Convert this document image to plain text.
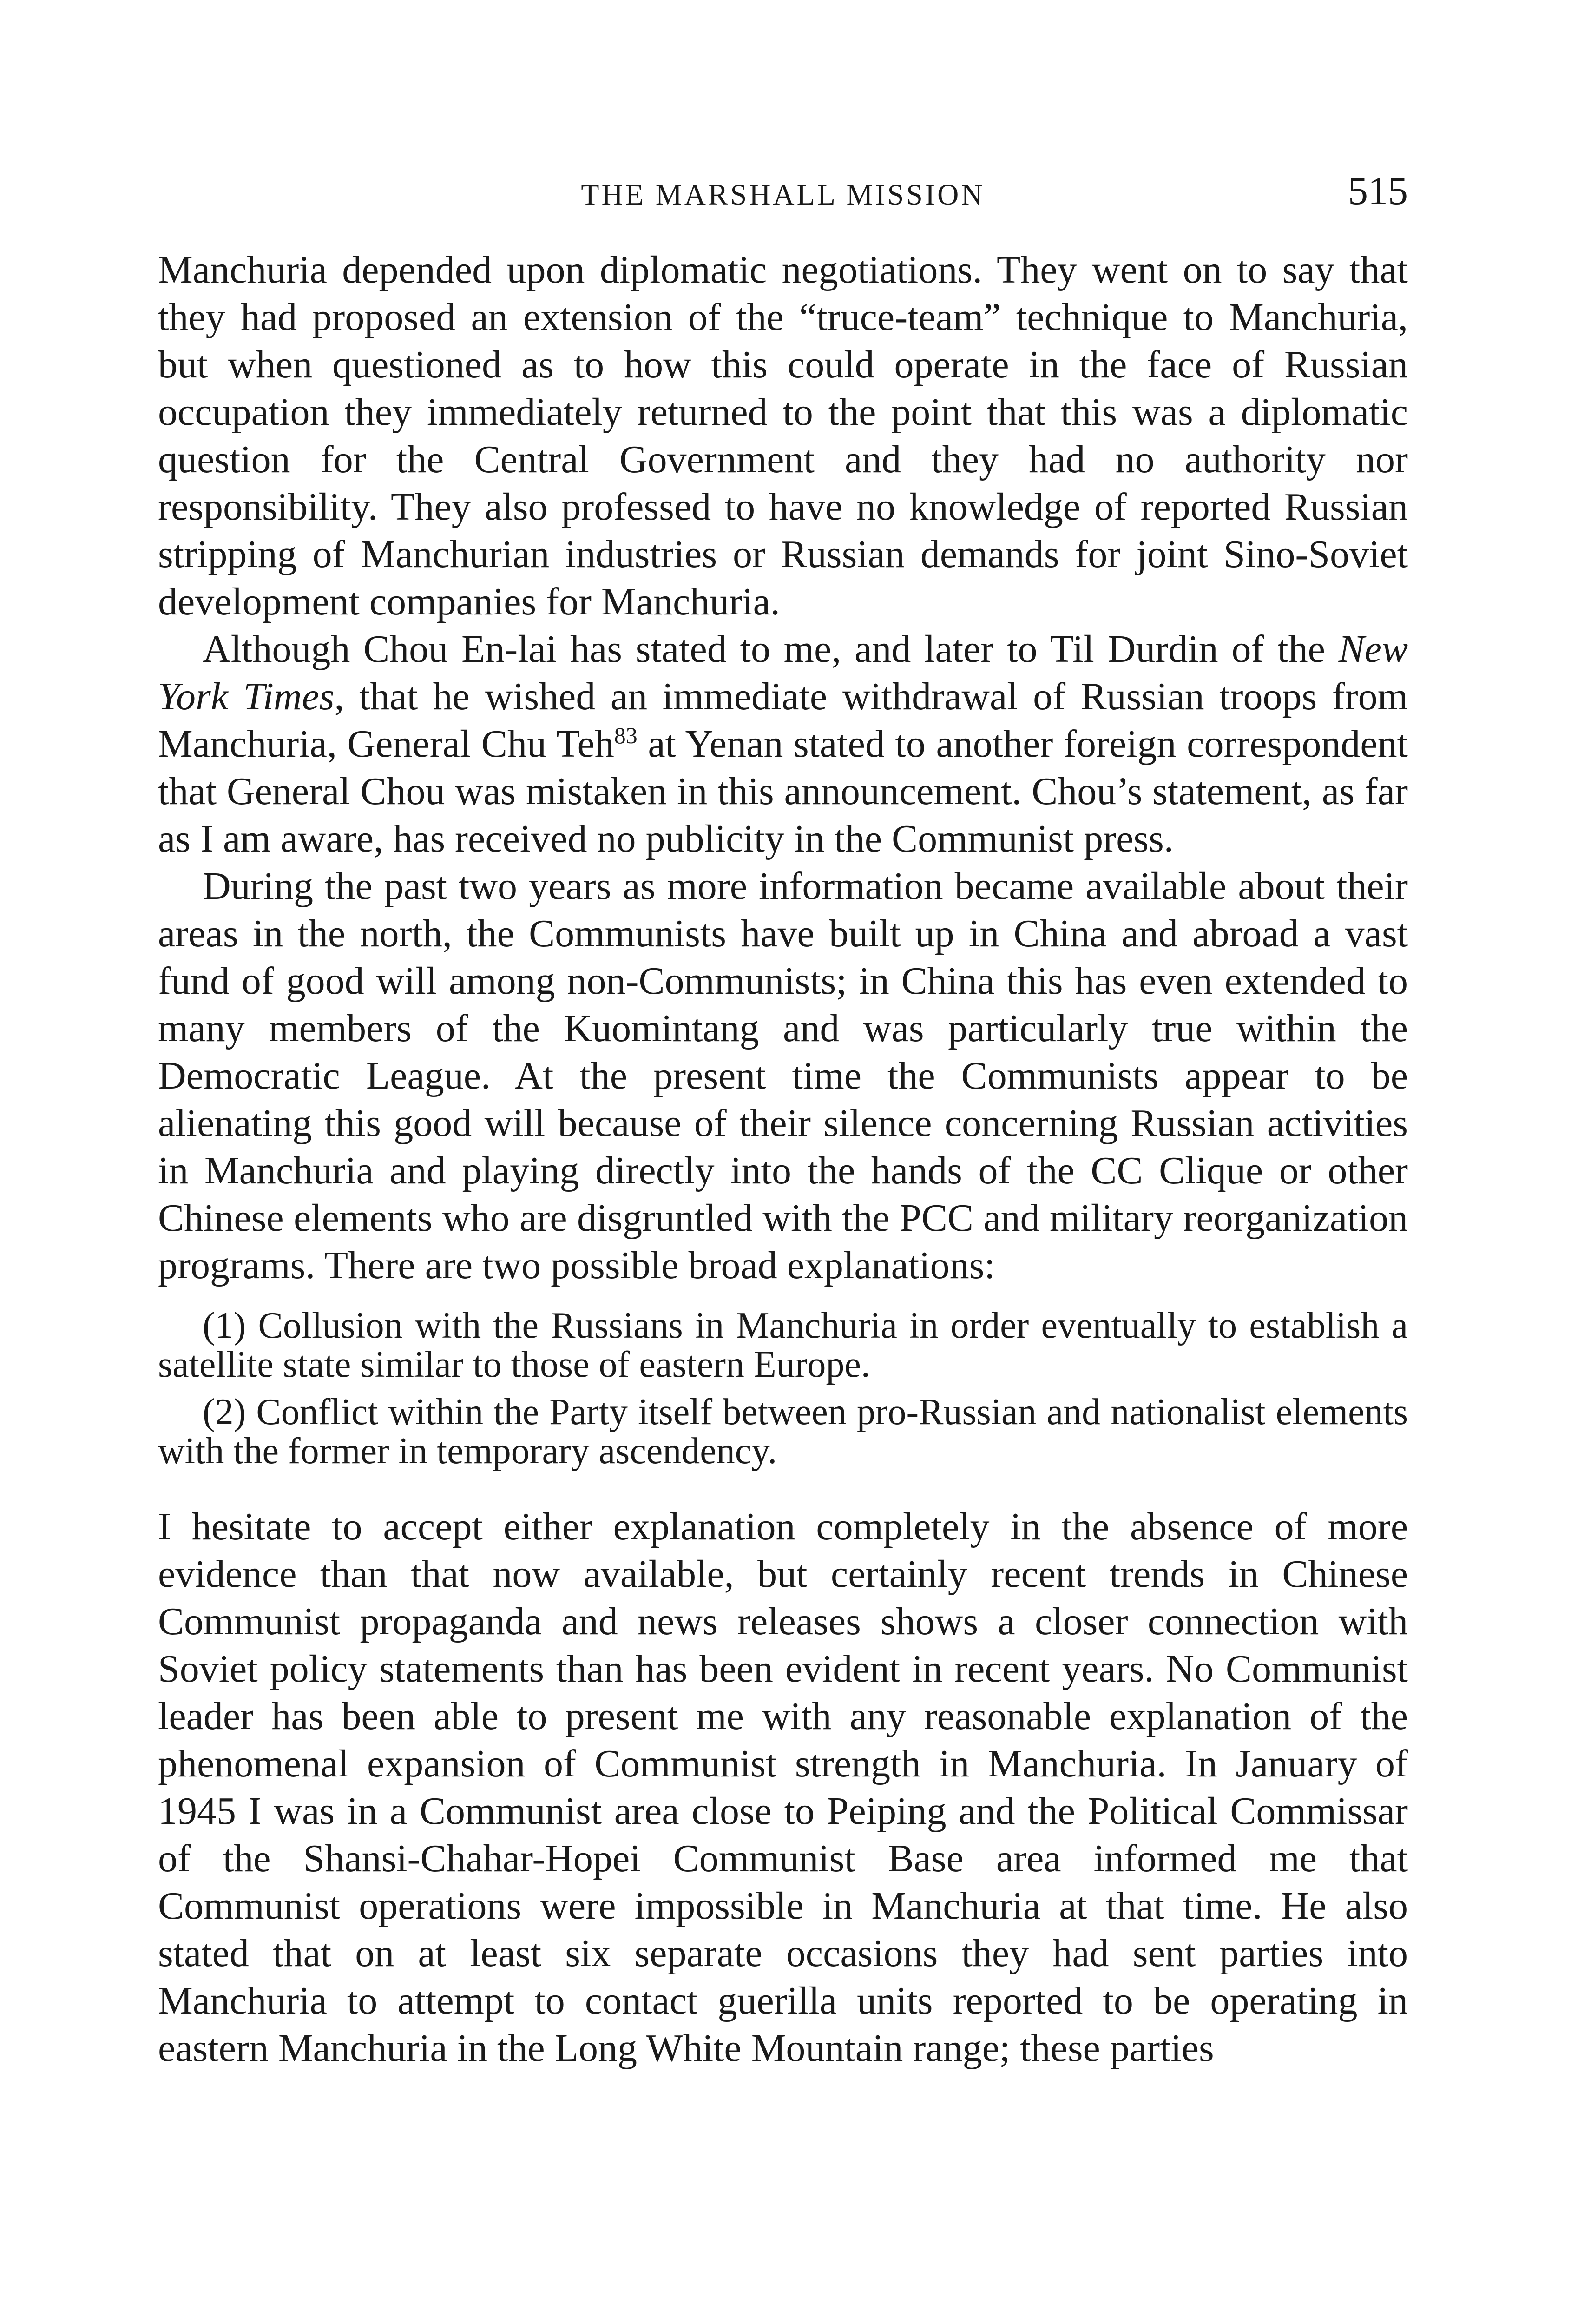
THE MARSHALL MISSION	515

Manchuria depended upon diplomatic negotiations. They went on to say that they had proposed an extension of the “truce-team” technique to Manchuria, but when questioned as to how this could operate in the face of Russian occupation they immediately returned to the point that this was a diplomatic question for the Central Government and they had no authority nor responsibility. They also professed to have no knowledge of reported Russian stripping of Manchurian industries or Russian demands for joint Sino-Soviet development companies for Manchuria.

Although Chou En-lai has stated to me, and later to Til Durdin of the New York Times, that he wished an immediate withdrawal of Russian troops from Manchuria, General Chu Teh$^{83}$ at Yenan stated to another foreign correspondent that General Chou was mistaken in this announcement. Chou’s statement, as far as I am aware, has received no publicity in the Communist press.

During the past two years as more information became available about their areas in the north, the Communists have built up in China and abroad a vast fund of good will among non-Communists; in China this has even extended to many members of the Kuomintang and was particularly true within the Democratic League. At the present time the Communists appear to be alienating this good will because of their silence concerning Russian activities in Manchuria and playing directly into the hands of the CC Clique or other Chinese elements who are disgruntled with the PCC and military reorganization programs. There are two possible broad explanations:

(1) Collusion with the Russians in Manchuria in order eventually to establish a satellite state similar to those of eastern Europe.
(2) Conflict within the Party itself between pro-Russian and nationalist elements with the former in temporary ascendency.

I hesitate to accept either explanation completely in the absence of more evidence than that now available, but certainly recent trends in Chinese Communist propaganda and news releases shows a closer connection with Soviet policy statements than has been evident in recent years. No Communist leader has been able to present me with any reasonable explanation of the phenomenal expansion of Communist strength in Manchuria. In January of 1945 I was in a Communist area close to Peiping and the Political Commissar of the Shansi-Chahar-Hopei Communist Base area informed me that Communist operations were impossible in Manchuria at that time. He also stated that on at least six separate occasions they had sent parties into Manchuria to attempt to contact guerilla units reported to be operating in eastern Manchuria in the Long White Mountain range; these parties
